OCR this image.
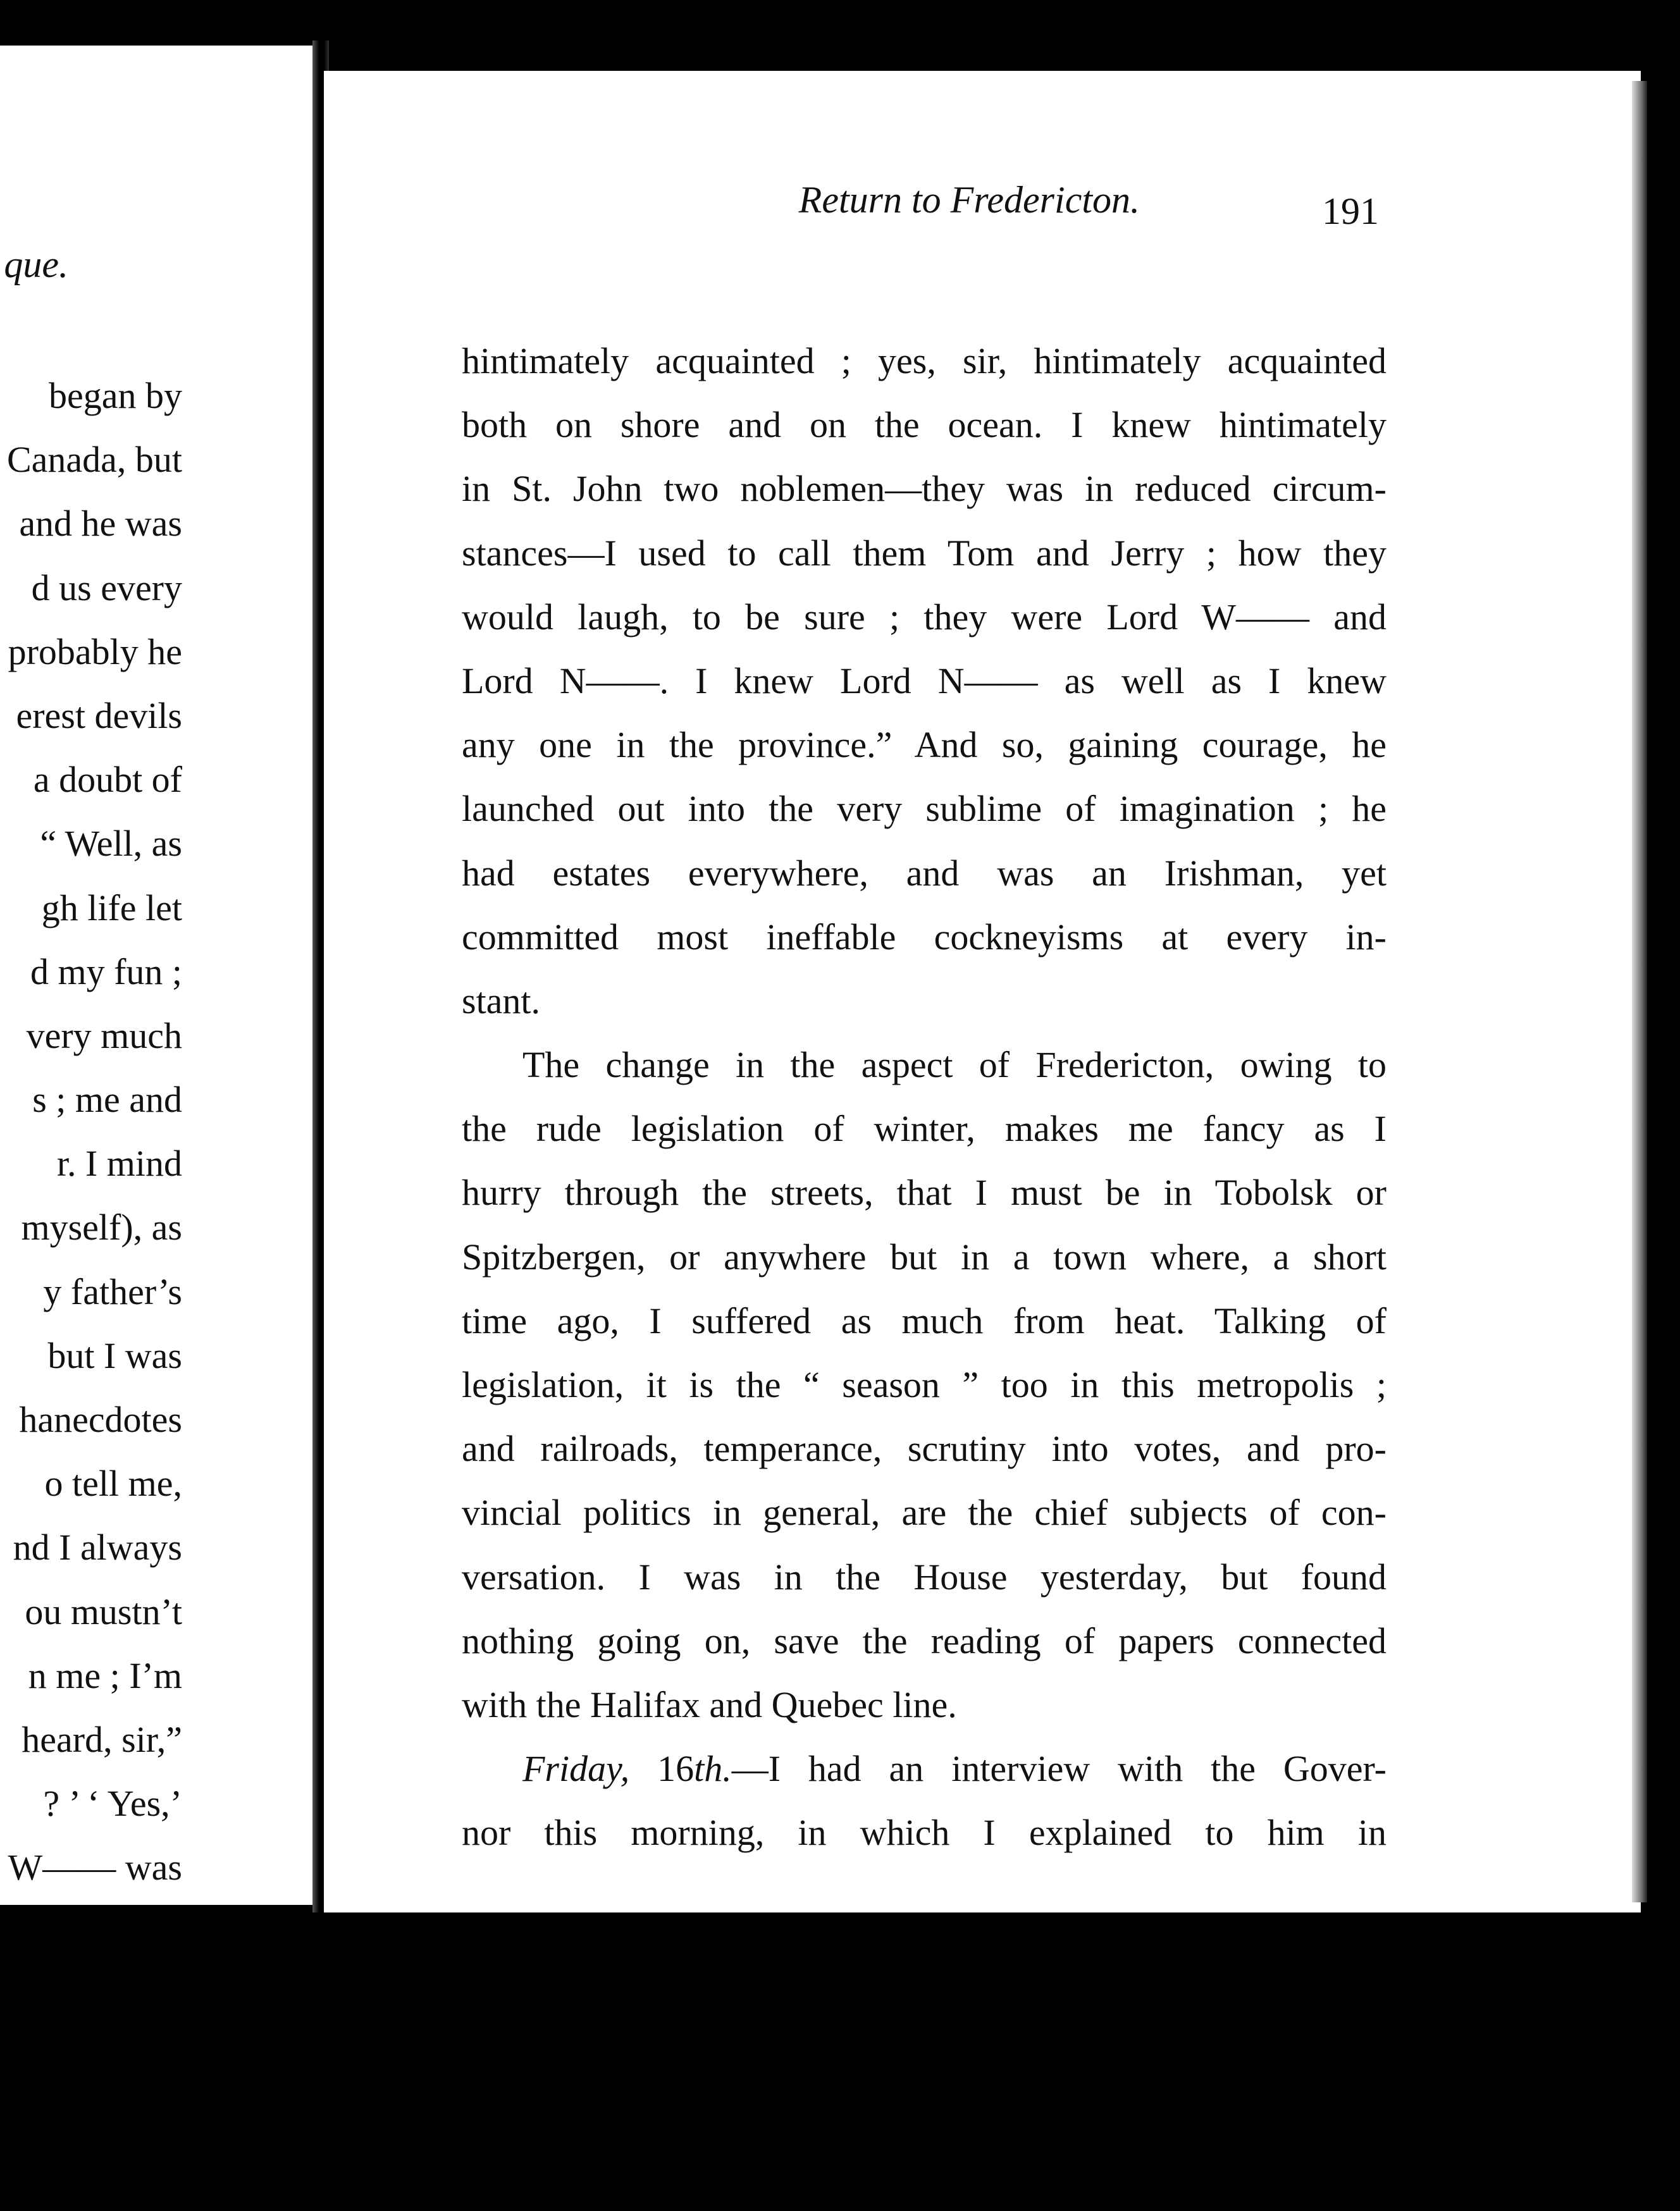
que.
began by
Canada, but
and he was
d us every
probably he
erest devils
a doubt of
“ Well, as
gh life let
d my fun ;
very much
s ; me and
r. I mind
myself), as
y father’s
but I was
hanecdotes
o tell me,
nd I always
ou mustn’t
n me ; I’m
heard, sir,”
? ’ ‘ Yes,’
W—— was
Return to Fredericton.	191
hintimately acquainted ; yes, sir, hintimately acquainted
both on shore and on the ocean. I knew hintimately
in St. John two noblemen—they was in reduced circum-
stances—I used to call them Tom and Jerry ; how they
would laugh, to be sure ; they were Lord W—— and
Lord N——. I knew Lord N—— as well as I knew
any one in the province.” And so, gaining courage, he
launched out into the very sublime of imagination ; he
had estates everywhere, and was an Irishman, yet
committed most ineffable cockneyisms at every in-
stant.
The change in the aspect of Fredericton, owing to
the rude legislation of winter, makes me fancy as I
hurry through the streets, that I must be in Tobolsk or
Spitzbergen, or anywhere but in a town where, a short
time ago, I suffered as much from heat. Talking of
legislation, it is the “ season ” too in this metropolis ;
and railroads, temperance, scrutiny into votes, and pro-
vincial politics in general, are the chief subjects of con-
versation. I was in the House yesterday, but found
nothing going on, save the reading of papers connected
with the Halifax and Quebec line.
Friday, 16th.—I had an interview with the Gover-
nor this morning, in which I explained to him in
